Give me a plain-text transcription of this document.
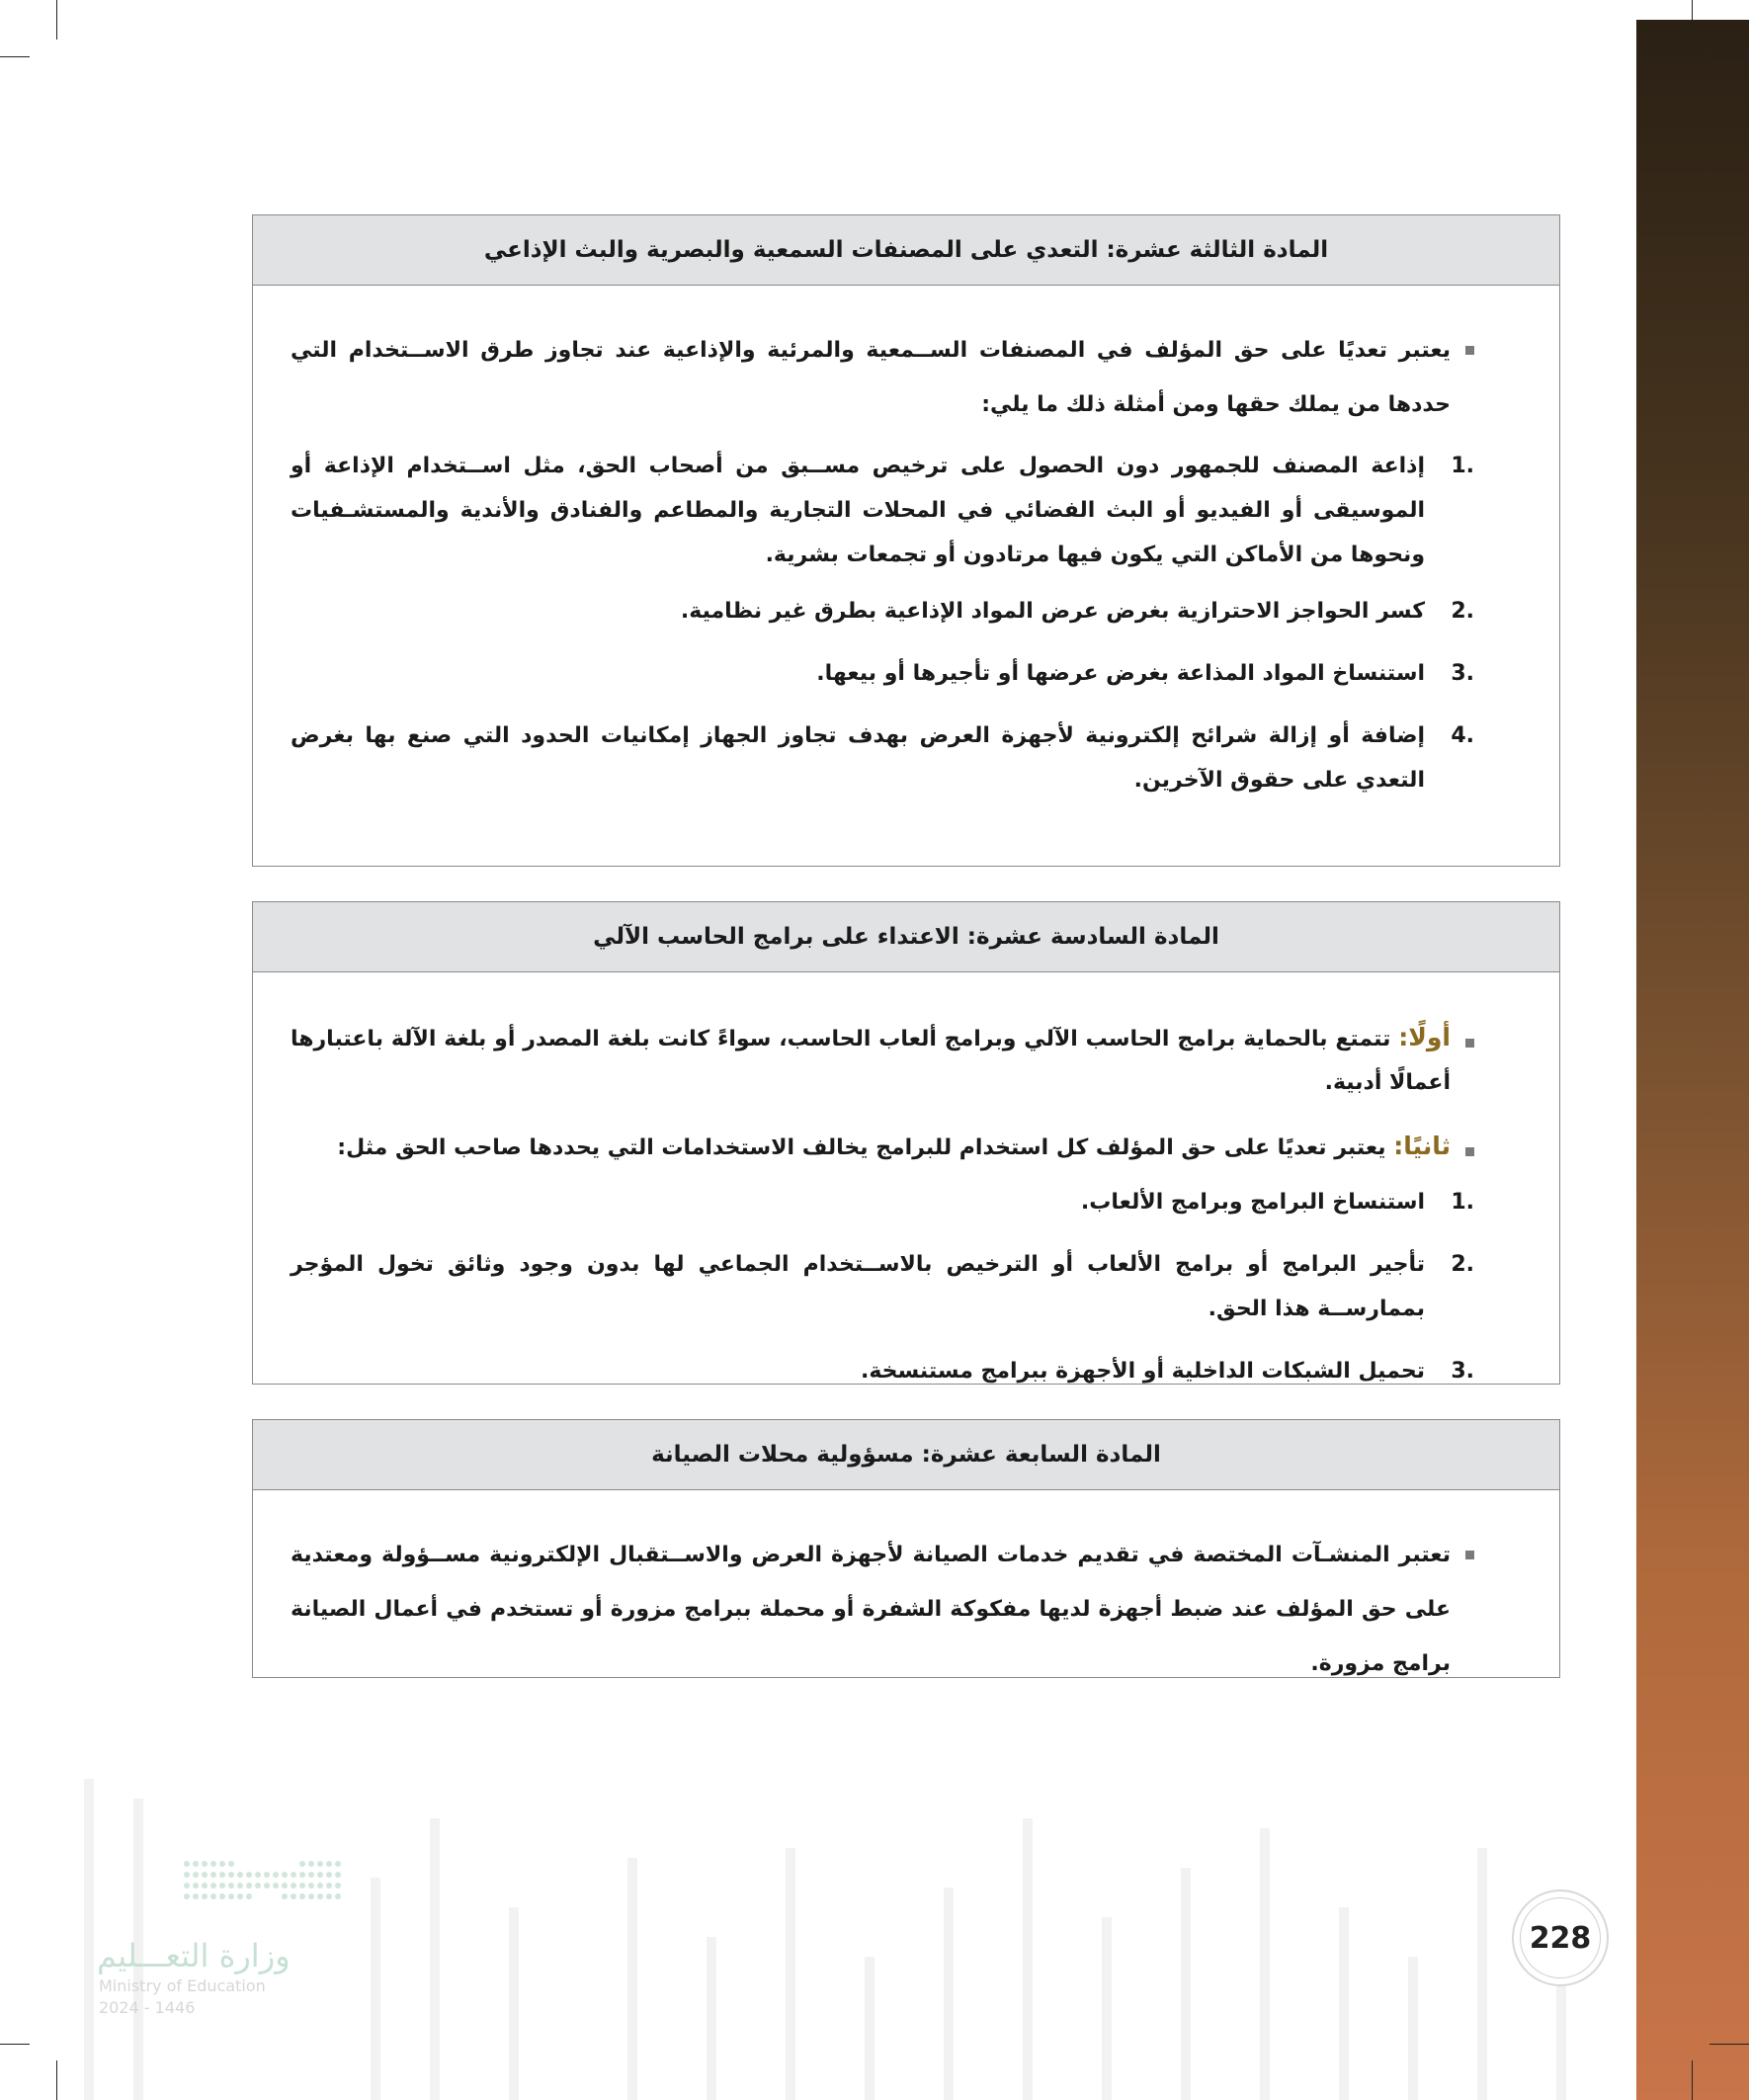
المادة الثالثة عشرة: التعدي على المصنفات السمعية والبصرية والبث الإذاعي
يعتبر تعديًا على حق المؤلف في المصنفات الســمعية والمرئية والإذاعية عند تجاوز طرق الاســتخدام التي حددها من يملك حقها ومن أمثلة ذلك ما يلي:
1.
إذاعة المصنف للجمهور دون الحصول على ترخيص مســبق من أصحاب الحق، مثل اســتخدام الإذاعة أو الموسيقى أو الفيديو أو البث الفضائي في المحلات التجارية والمطاعم والفنادق والأندية والمستشـفيات ونحوها من الأماكن التي يكون فيها مرتادون أو تجمعات بشرية.
2.
كسر الحواجز الاحترازية بغرض عرض المواد الإذاعية بطرق غير نظامية.
3.
استنساخ المواد المذاعة بغرض عرضها أو تأجيرها أو بيعها.
4.
إضافة أو إزالة شرائح إلكترونية لأجهزة العرض بهدف تجاوز الجهاز إمكانيات الحدود التي صنع بها بغرض التعدي على حقوق الآخرين.
المادة السادسة عشرة: الاعتداء على برامج الحاسب الآلي
أولًا: تتمتع بالحماية برامج الحاسب الآلي وبرامج ألعاب الحاسب، سواءً كانت بلغة المصدر أو بلغة الآلة باعتبارها أعمالًا أدبية.
ثانيًا: يعتبر تعديًا على حق المؤلف كل استخدام للبرامج يخالف الاستخدامات التي يحددها صاحب الحق مثل:
1.
استنساخ البرامج وبرامج الألعاب.
2.
تأجير البرامج أو برامج الألعاب أو الترخيص بالاســتخدام الجماعي لها بدون وجود وثائق تخول المؤجر بممارســة هذا الحق.
3.
تحميل الشبكات الداخلية أو الأجهزة ببرامج مستنسخة.
المادة السابعة عشرة: مسؤولية محلات الصيانة
تعتبر المنشـآت المختصة في تقديم خدمات الصيانة لأجهزة العرض والاســتقبال الإلكترونية مســؤولة ومعتدية على حق المؤلف عند ضبط أجهزة لديها مفكوكة الشفرة أو محملة ببرامج مزورة أو تستخدم في أعمال الصيانة برامج مزورة.
وزارة التعـــليم
Ministry of Education
2024 - 1446
228
